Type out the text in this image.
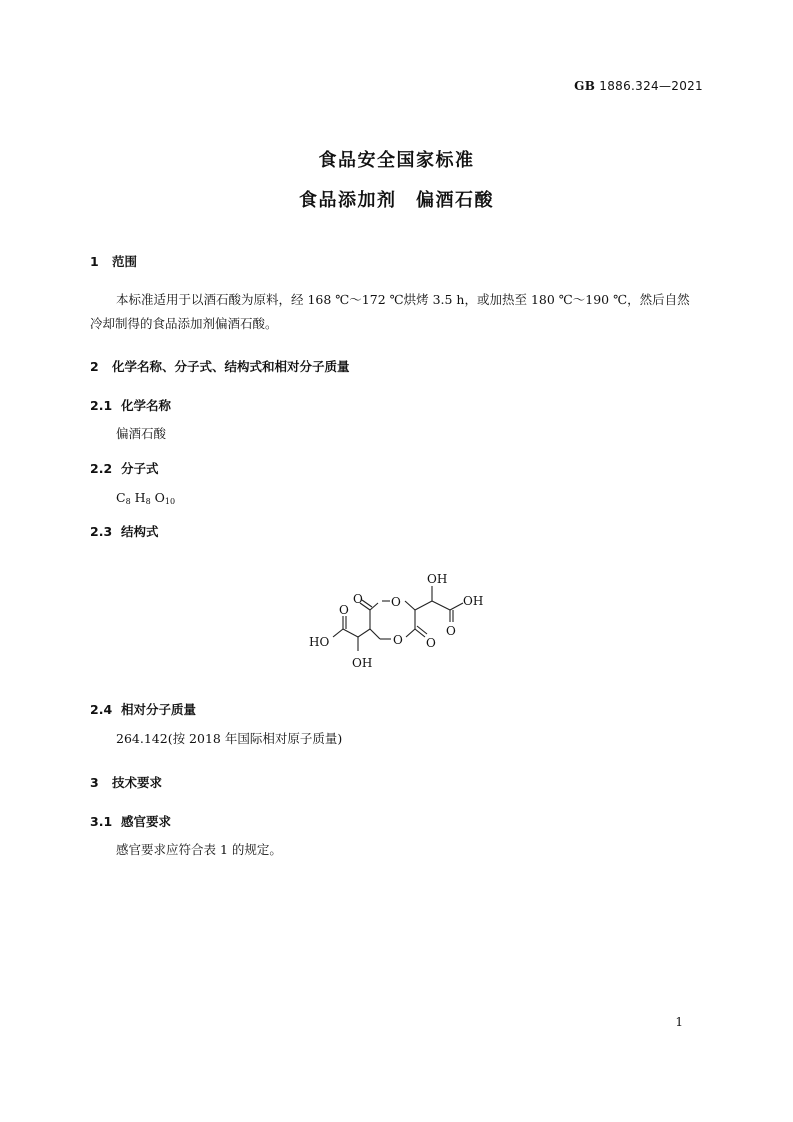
GB 1886.324—2021
食品安全国家标准
食品添加剂　偏酒石酸
1 范围
本标准适用于以酒石酸为原料，经 168 ℃～172 ℃烘烤 3.5 h，或加热至 180 ℃～190 ℃，然后自然
冷却制得的食品添加剂偏酒石酸。
2 化学名称、分子式、结构式和相对分子质量
2.1 化学名称
偏酒石酸
2.2 分子式
$C_8$ $H_8$ $O_{10}$
2.3 结构式
OH
OH
HO
OH
O
O
O
O
O
O
2.4 相对分子质量
264.142(按 2018 年国际相对原子质量)
3 技术要求
3.1 感官要求
感官要求应符合表 1 的规定。
1
